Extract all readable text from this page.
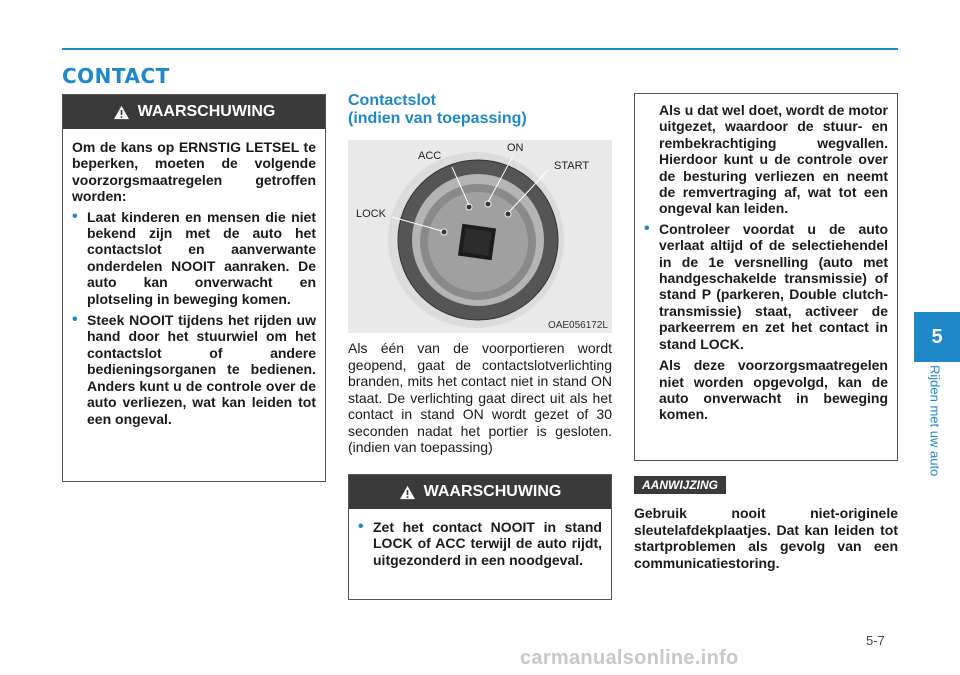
CONTACT
5
Rijden met uw auto
WAARSCHUWING

Om de kans op ERNSTIG LETSEL te beperken, moeten de volgende voorzorgsmaatregelen getroffen worden:

• Laat kinderen en mensen die niet bekend zijn met de auto het contactslot en aanverwante onderdelen NOOIT aanraken. De auto kan onverwacht en plotseling in beweging komen.
• Steek NOOIT tijdens het rijden uw hand door het stuurwiel om het contactslot of andere bedieningsorganen te bedienen. Anders kunt u de controle over de auto verliezen, wat kan leiden tot een ongeval.
Contactslot
(indien van toepassing)
ACC
ON
START
LOCK
OAE056172L
Als één van de voorportieren wordt geopend, gaat de contactslotverlichting branden, mits het contact niet in stand ON staat. De verlichting gaat direct uit als het contact in stand ON wordt gezet of 30 seconden nadat het portier is gesloten. (indien van toepassing)
WAARSCHUWING
• Zet het contact NOOIT in stand LOCK of ACC terwijl de auto rijdt, uitgezonderd in een noodgeval.

Als u dat wel doet, wordt de motor uitgezet, waardoor de stuur- en rembekrachtiging wegvallen. Hierdoor kunt u de controle over de besturing verliezen en neemt de remvertraging af, wat tot een ongeval kan leiden.

• Controleer voordat u de auto verlaat altijd of de selectiehendel in de 1e versnelling (auto met handgeschakelde transmissie) of stand P (parkeren, Double clutch-transmissie) staat, activeer de parkeerrem en zet het contact in stand LOCK.

Als deze voorzorgsmaatregelen niet worden opgevolgd, kan de auto onverwacht in beweging komen.

AANWIJZING
Gebruik nooit niet-originele sleutelafdekplaatjes. Dat kan leiden tot startproblemen als gevolg van een communicatiestoring.
5-7
carmanualsonline.info
